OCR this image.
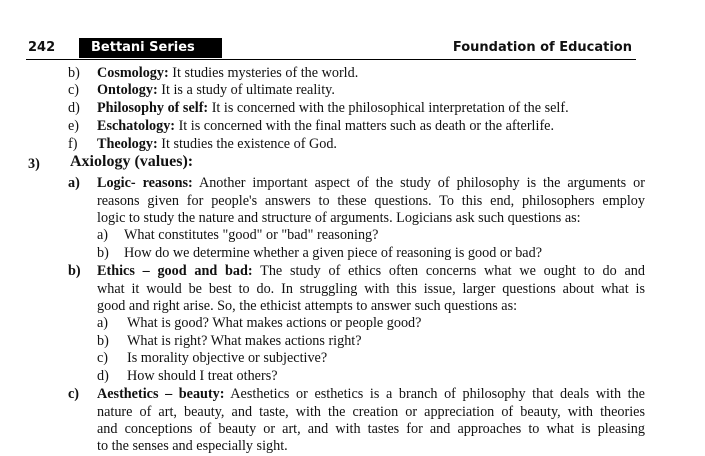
242	Bettani Series	Foundation of Education
b) Cosmology: It studies mysteries of the world.
c) Ontology: It is a study of ultimate reality.
d) Philosophy of self: It is concerned with the philosophical interpretation of the self.
e) Eschatology: It is concerned with the final matters such as death or the afterlife.
f) Theology: It studies the existence of God.
3) Axiology (values):
a) Logic- reasons: Another important aspect of the study of philosophy is the arguments or
reasons given for people's answers to these questions. To this end, philosophers employ
logic to study the nature and structure of arguments. Logicians ask such questions as:
a) What constitutes "good" or "bad" reasoning?
b) How do we determine whether a given piece of reasoning is good or bad?
b) Ethics – good and bad: The study of ethics often concerns what we ought to do and
what it would be best to do. In struggling with this issue, larger questions about what is
good and right arise. So, the ethicist attempts to answer such questions as:
a) What is good? What makes actions or people good?
b) What is right? What makes actions right?
c) Is morality objective or subjective?
d) How should I treat others?
c) Aesthetics – beauty: Aesthetics or esthetics is a branch of philosophy that deals with the
nature of art, beauty, and taste, with the creation or appreciation of beauty, with theories
and conceptions of beauty or art, and with tastes for and approaches to what is pleasing
to the senses and especially sight.
